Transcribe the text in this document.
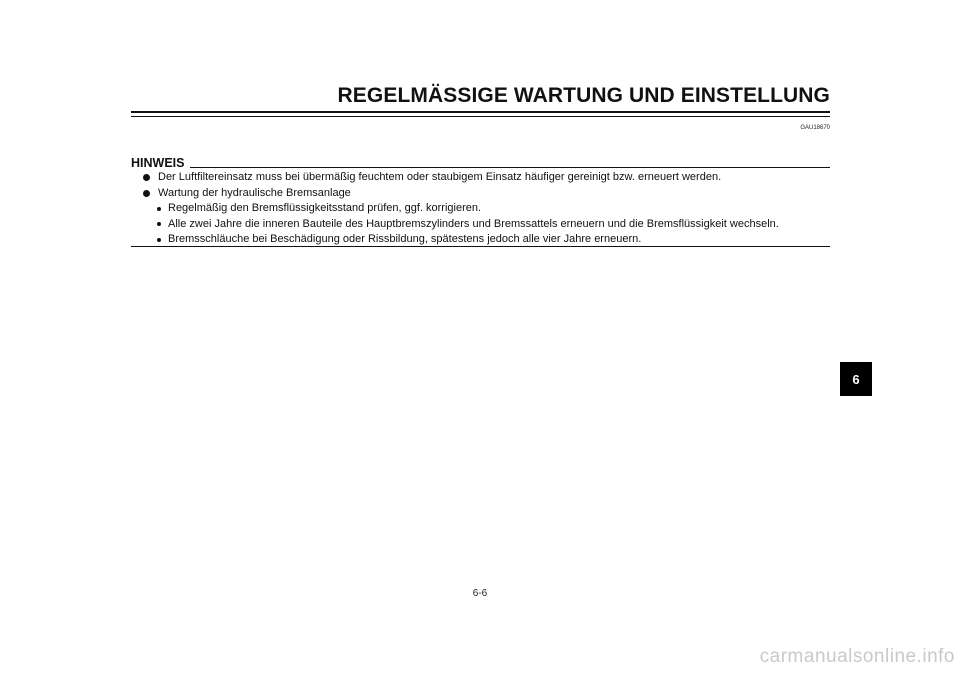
REGELMÄSSIGE WARTUNG UND EINSTELLUNG
GAU18670
HINWEIS
Der Luftfiltereinsatz muss bei übermäßig feuchtem oder staubigem Einsatz häufiger gereinigt bzw. erneuert werden.
Wartung der hydraulische Bremsanlage
Regelmäßig den Bremsflüssigkeitsstand prüfen, ggf. korrigieren.
Alle zwei Jahre die inneren Bauteile des Hauptbremszylinders und Bremssattels erneuern und die Bremsflüssigkeit wechseln.
Bremsschläuche bei Beschädigung oder Rissbildung, spätestens jedoch alle vier Jahre erneuern.
6
6-6
carmanualsonline.info
